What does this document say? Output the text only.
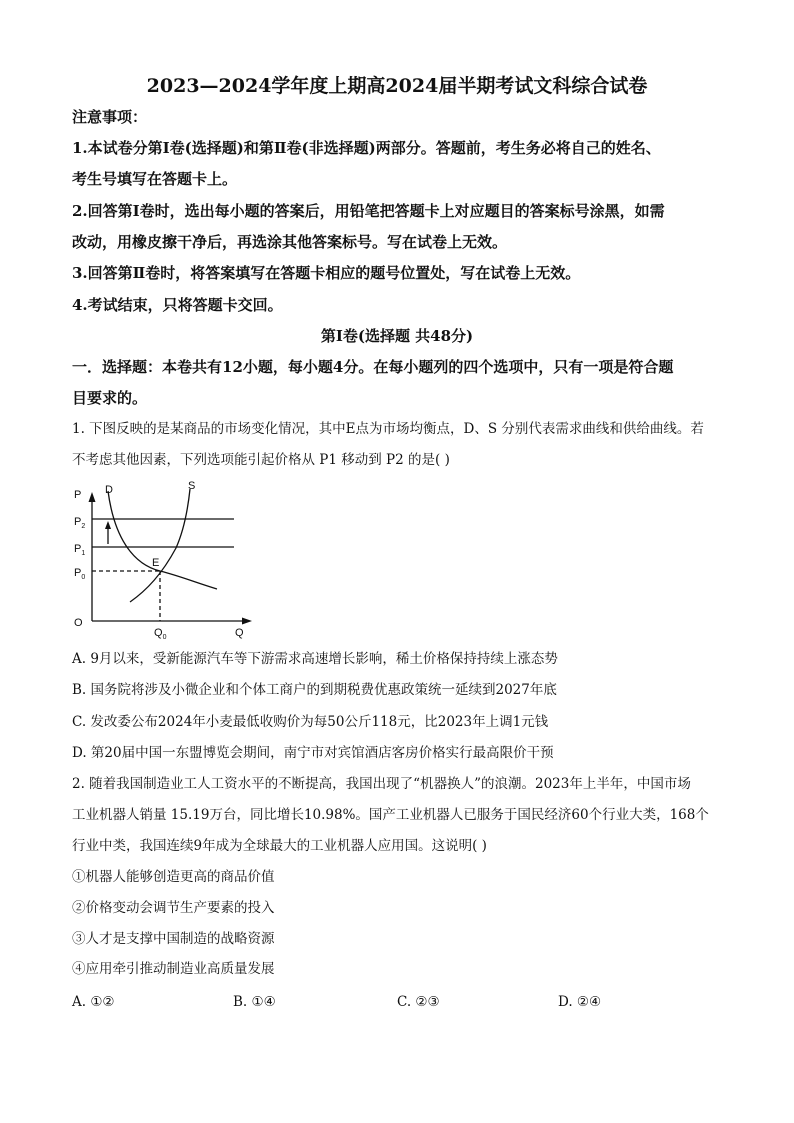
2023—2024学年度上期高2024届半期考试文科综合试卷
注意事项：
1.本试卷分第Ⅰ卷(选择题)和第Ⅱ卷(非选择题)两部分。答题前，考生务必将自己的姓名、
考生号填写在答题卡上。
2.回答第Ⅰ卷时，选出每小题的答案后，用铅笔把答题卡上对应题目的答案标号涂黑，如需
改动，用橡皮擦干净后，再选涂其他答案标号。写在试卷上无效。
3.回答第Ⅱ卷时，将答案填写在答题卡相应的题号位置处，写在试卷上无效。
4.考试结束，只将答题卡交回。
第Ⅰ卷(选择题 共48分)
一．选择题：本卷共有12小题，每小题4分。在每小题列的四个选项中，只有一项是符合题
目要求的。
1. 下图反映的是某商品的市场变化情况，其中E点为市场均衡点，D、S 分别代表需求曲线和供给曲线。若
不考虑其他因素，下列选项能引起价格从 P1 移动到 P2 的是( )
P D	S
$P_2$
$P_1$
$P_0$
E
O
$Q_0$	Q
A. 9月以来，受新能源汽车等下游需求高速增长影响，稀土价格保持持续上涨态势
B. 国务院将涉及小微企业和个体工商户的到期税费优惠政策统一延续到2027年底
C. 发改委公布2024年小麦最低收购价为每50公斤118元，比2023年上调1元钱
D. 第20届中国一东盟博览会期间，南宁市对宾馆酒店客房价格实行最高限价干预
2. 随着我国制造业工人工资水平的不断提高，我国出现了“机器换人”的浪潮。2023年上半年，中国市场
工业机器人销量 15.19万台，同比增长10.98%。国产工业机器人已服务于国民经济60个行业大类，168个
行业中类，我国连续9年成为全球最大的工业机器人应用国。这说明( )
①机器人能够创造更高的商品价值
②价格变动会调节生产要素的投入
③人才是支撑中国制造的战略资源
④应用牵引推动制造业高质量发展
A. ①②	B. ①④	C. ②③	D. ②④
